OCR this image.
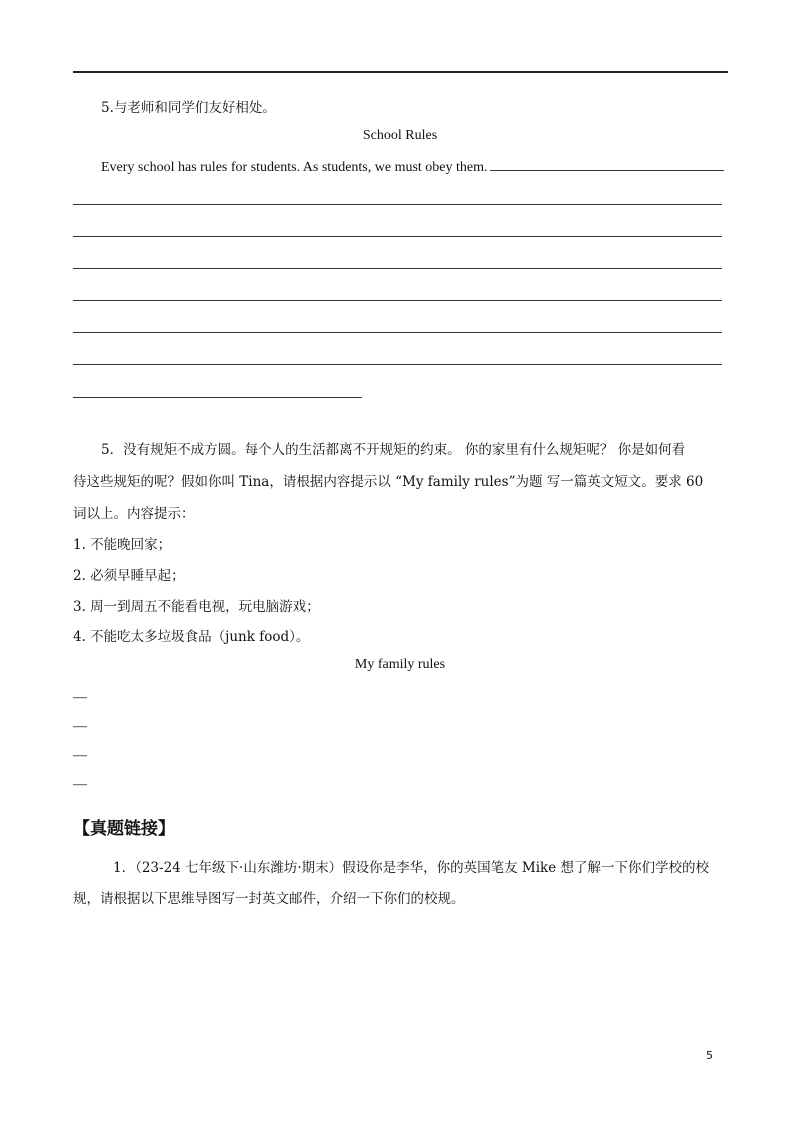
5.与老师和同学们友好相处。
School Rules
Every school has rules for students. As students, we must obey them.
5．没有规矩不成方圆。每个人的生活都离不开规矩的约束。 你的家里有什么规矩呢？ 你是如何看
待这些规矩的呢？假如你叫 Tina，请根据内容提示以 “My family rules”为题 写一篇英文短文。要求 60
词以上。内容提示：
1. 不能晚回家；
2. 必须早睡早起；
3. 周一到周五不能看电视，玩电脑游戏；
4. 不能吃太多垃圾食品（junk food）。
My family rules
—
—
—
—
【真题链接】
1．（23-24 七年级下·山东潍坊·期末）假设你是李华，你的英国笔友 Mike 想了解一下你们学校的校
规，请根据以下思维导图写一封英文邮件，介绍一下你们的校规。
5
